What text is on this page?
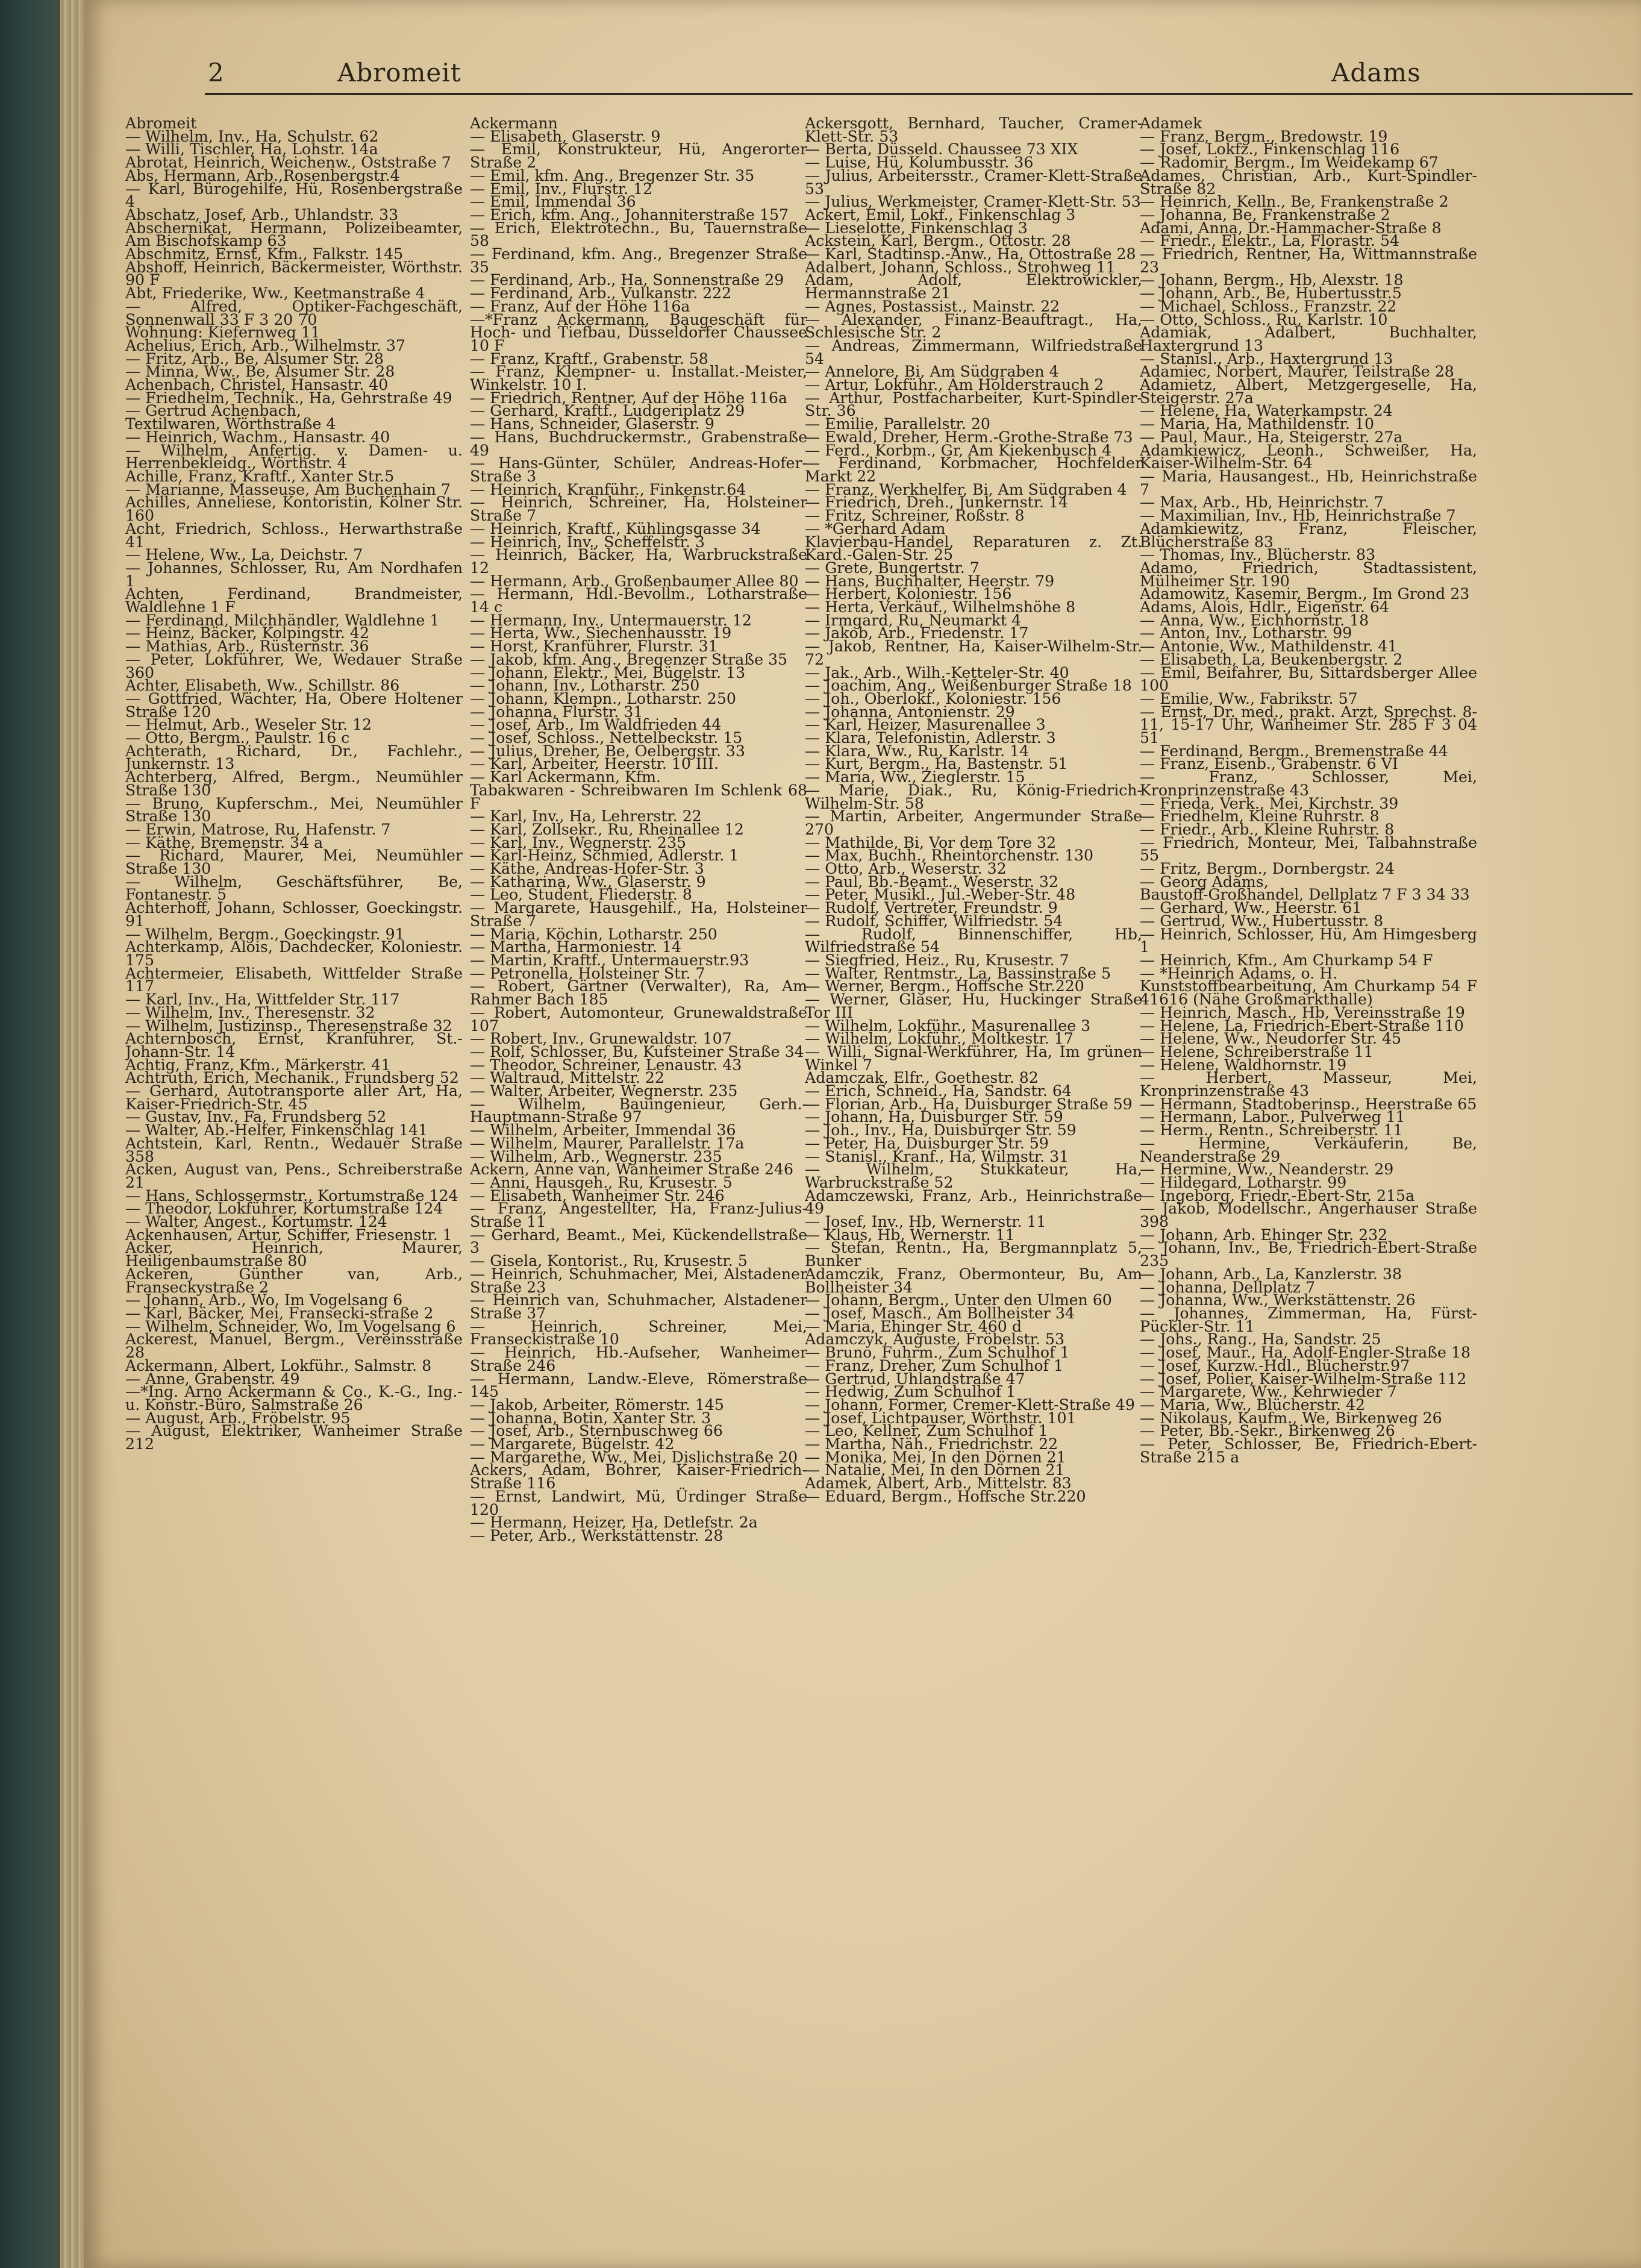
2	Abromeit	Adams

Abromeit

— Wilhelm, Inv., Ha, Schulstr. 62

— Willi, Tischler, Ha, Lohstr. 14a

Abrotat, Heinrich, Weichenw., Oststraße 7

Abs, Hermann, Arb.,Rosenbergstr.4

— Karl, Bürogehilfe, Hü, Rosenbergstraße 4

Abschatz, Josef, Arb., Uhlandstr. 33

Abschernikat, Hermann, Polizeibeamter, Am Bischofskamp 63

Abschmitz, Ernst, Kfm., Falkstr. 145

Abshoff, Heinrich, Bäckermeister, Wörthstr. 90 F

Abt, Friederike, Ww., Keetmanstraße 4

— Alfred, Optiker-Fachgeschäft, Sonnenwall 33 F 3 20 70

Wohnung: Kiefernweg 11

Achelius, Erich, Arb., Wilhelmstr. 37

— Fritz, Arb., Be, Alsumer Str. 28

— Minna, Ww., Be, Alsumer Str. 28

Achenbach, Christel, Hansastr. 40

— Friedhelm, Technik., Ha, Gehrstraße 49

— Gertrud Achenbach,

Textilwaren, Wörthstraße 4

— Heinrich, Wachm., Hansastr. 40

— Wilhelm, Anfertig. v. Damen- u. Herrenbekleidg., Wörthstr. 4

Achille, Franz, Kraftf., Xanter Str.5

— Marianne, Masseuse, Am Buchenhain 7

Achilles, Anneliese, Kontoristin, Kölner Str. 160

Acht, Friedrich, Schloss., Herwarthstraße 41

— Helene, Ww., La, Deichstr. 7

— Johannes, Schlosser, Ru, Am Nordhafen 1

Achten, Ferdinand, Brandmeister, Waldlehne 1 F

— Ferdinand, Milchhändler, Waldlehne 1

— Heinz, Bäcker, Kolpingstr. 42

— Mathias, Arb., Rüsternstr. 36

— Peter, Lokführer, We, Wedauer Straße 360

Achter, Elisabeth, Ww., Schillstr. 86

— Gottfried, Wächter, Ha, Obere Holtener Straße 120

— Helmut, Arb., Weseler Str. 12

— Otto, Bergm., Paulstr. 16 c

Achterath, Richard, Dr., Fachlehr., Junkernstr. 13

Achterberg, Alfred, Bergm., Neumühler Straße 130

— Bruno, Kupferschm., Mei, Neumühler Straße 130

— Erwin, Matrose, Ru, Hafenstr. 7

— Käthe, Bremenstr. 34 a

— Richard, Maurer, Mei, Neumühler Straße 130

— Wilhelm, Geschäftsführer, Be, Fontanestr. 5

Achterhoff, Johann, Schlosser, Goeckingstr. 91

— Wilhelm, Bergm., Goeckingstr. 91

Achterkamp, Alois, Dachdecker, Koloniestr. 175

Achtermeier, Elisabeth, Wittfelder Straße 117

— Karl, Inv., Ha, Wittfelder Str. 117

— Wilhelm, Inv., Theresenstr. 32

— Wilhelm, Justizinsp., Theresenstraße 32

Achternbosch, Ernst, Kranführer, St.-Johann-Str. 14

Achtig, Franz, Kfm., Märkerstr. 41

Achtruth, Erich, Mechanik., Frundsberg 52

— Gerhard, Autotransporte aller Art, Ha, Kaiser-Friedrich-Str. 45

— Gustav, Inv., Fa, Frundsberg 52

— Walter, Ab.-Helfer, Finkenschlag 141

Achtstein, Karl, Rentn., Wedauer Straße 358

Acken, August van, Pens., Schreiberstraße 21

— Hans, Schlossermstr., Kortumstraße 124

— Theodor, Lokführer, Kortumstraße 124

— Walter, Angest., Kortumstr. 124

Ackenhausen, Artur, Schiffer, Friesenstr. 1

Acker, Heinrich, Maurer, Heiligenbaumstraße 80

Ackeren, Günther van, Arb., Franseckystraße 2

— Johann, Arb., Wo, Im Vogelsang 6

— Karl, Bäcker, Mei, Fransecki-straße 2

— Wilhelm, Schneider, Wo, Im Vogelsang 6

Ackerest, Manuel, Bergm., Vereinsstraße 28

Ackermann, Albert, Lokführ., Salmstr. 8

— Anne, Grabenstr. 49

—*Ing. Arno Ackermann & Co., K.-G., Ing.- u. Konstr.-Büro, Salmstraße 26

— August, Arb., Fröbelstr. 95

— August, Elektriker, Wanheimer Straße 212

Ackermann

— Elisabeth, Glaserstr. 9

— Emil, Konstrukteur, Hü, Angerorter Straße 2

— Emil, kfm. Ang., Bregenzer Str. 35

— Emil, Inv., Flurstr. 12

— Emil, Immendal 36

— Erich, kfm. Ang., Johanniterstraße 157

— Erich, Elektrotechn., Bu, Tauernstraße 58

— Ferdinand, kfm. Ang., Bregenzer Straße 35

— Ferdinand, Arb., Ha, Sonnenstraße 29

— Ferdinand, Arb., Vulkanstr. 222

— Franz, Auf der Höhe 116a

—*Franz Ackermann, Baugeschäft für Hoch- und Tiefbau, Düsseldorfer Chaussee 10 F

— Franz, Kraftf., Grabenstr. 58

— Franz, Klempner- u. Installat.-Meister, Winkelstr. 10 I.

— Friedrich, Rentner, Auf der Höhe 116a

— Gerhard, Kraftf., Ludgeriplatz 29

— Hans, Schneider, Glaserstr. 9

— Hans, Buchdruckermstr., Grabenstraße 49

— Hans-Günter, Schüler, Andreas-Hofer-Straße 3

— Heinrich, Kranführ., Finkenstr.64

— Heinrich, Schreiner, Ha, Holsteiner Straße 7

— Heinrich, Kraftf., Kühlingsgasse 34

— Heinrich, Inv., Scheffelstr. 3

— Heinrich, Bäcker, Ha, Warbruckstraße 12

— Hermann, Arb., Großenbaumer Allee 80

— Hermann, Hdl.-Bevollm., Lotharstraße 14 c

— Hermann, Inv., Untermauerstr. 12

— Herta, Ww., Siechenhausstr. 19

— Horst, Kranführer, Flurstr. 31

— Jakob, kfm. Ang., Bregenzer Straße 35

— Johann, Elektr., Mei, Bügelstr. 13

— Johann, Inv., Lotharstr. 250

— Johann, Klempn., Lotharstr. 250

— Johanna, Flurstr. 31

— Josef, Arb., Im Waldfrieden 44

— Josef, Schloss., Nettelbeckstr. 15

— Julius, Dreher, Be, Oelbergstr. 33

— Karl, Arbeiter, Heerstr. 10 III.

— Karl Ackermann, Kfm.

Tabakwaren - Schreibwaren Im Schlenk 68 F

— Karl, Inv., Ha, Lehrerstr. 22

— Karl, Zollsekr., Ru, Rheinallee 12

— Karl, Inv., Wegnerstr. 235

— Karl-Heinz, Schmied, Adlerstr. 1

— Käthe, Andreas-Hofer-Str. 3

— Katharina, Ww., Glaserstr. 9

— Leo, Student, Fliederstr. 8

— Margarete, Hausgehilf., Ha, Holsteiner Straße 7

— Maria, Köchin, Lotharstr. 250

— Martha, Harmoniestr. 14

— Martin, Kraftf., Untermauerstr.93

— Petronella, Holsteiner Str. 7

— Robert, Gärtner (Verwalter), Ra, Am Rahmer Bach 185

— Robert, Automonteur, Grunewaldstraße 107

— Robert, Inv., Grunewaldstr. 107

— Rolf, Schlosser, Bu, Kufsteiner Straße 34

— Theodor, Schreiner, Lenaustr. 43

— Waltraud, Mittelstr. 22

— Walter, Arbeiter, Wegnerstr. 235

— Wilhelm, Bauingenieur, Gerh.-Hauptmann-Straße 97

— Wilhelm, Arbeiter, Immendal 36

— Wilhelm, Maurer, Parallelstr. 17a

— Wilhelm, Arb., Wegnerstr. 235

Ackern, Änne van, Wanheimer Straße 246

— Anni, Hausgeh., Ru, Krusestr. 5

— Elisabeth, Wanheimer Str. 246

— Franz, Angestellter, Ha, Franz-Julius-Straße 11

— Gerhard, Beamt., Mei, Kückendellstraße 3

— Gisela, Kontorist., Ru, Krusestr. 5

— Heinrich, Schuhmacher, Mei, Alstadener Straße 23

— Heinrich van, Schuhmacher, Alstadener Straße 37

— Heinrich, Schreiner, Mei, Franseckistraße 10

— Heinrich, Hb.-Aufseher, Wanheimer Straße 246

— Hermann, Landw.-Eleve, Römerstraße 145

— Jakob, Arbeiter, Römerstr. 145

— Johanna, Botin, Xanter Str. 3

— Josef, Arb., Sternbuschweg 66

— Margarete, Bügelstr. 42

— Margarethe, Ww., Mei, Dislichstraße 20

Ackers, Adam, Bohrer, Kaiser-Friedrich-Straße 116

— Ernst, Landwirt, Mü, Ürdinger Straße 120

— Hermann, Heizer, Ha, Detlefstr. 2a

— Peter, Arb., Werkstättenstr. 28

Ackersgott, Bernhard, Taucher, Cramer-Klett-Str. 53

— Berta, Düsseld. Chaussee 73 XIX

— Luise, Hü, Kolumbusstr. 36

— Julius, Arbeitersstr., Cramer-Klett-Straße 53

— Julius, Werkmeister, Cramer-Klett-Str. 53

Ackert, Emil, Lokf., Finkenschlag 3

— Lieselotte, Finkenschlag 3

Ackstein, Karl, Bergm., Ottostr. 28

— Karl, Stadtinsp.-Anw., Ha, Ottostraße 28

Adalbert, Johann, Schloss., Strohweg 11

Adam, Adolf, Elektrowickler, Hermannstraße 21

— Agnes, Postassist., Mainstr. 22

— Alexander, Finanz-Beauftragt., Ha, Schlesische Str. 2

— Andreas, Zimmermann, Wilfriedstraße 54

— Annelore, Bi, Am Südgraben 4

— Artur, Lokführ., Am Holderstrauch 2

— Arthur, Postfacharbeiter, Kurt-Spindler-Str. 36

— Emilie, Parallelstr. 20

— Ewald, Dreher, Herm.-Grothe-Straße 73

— Ferd., Korbm., Gr, Am Kiekenbusch 4

— Ferdinand, Korbmacher, Hochfelder Markt 22

— Franz, Werkhelfer, Bi, Am Südgraben 4

— Friedrich, Dreh., Junkernstr. 14

— Fritz, Schreiner, Roßstr. 8

— *Gerhard Adam

Klavierbau-Handel, Reparaturen z. Zt. Kard.-Galen-Str. 25

— Grete, Bungertstr. 7

— Hans, Buchhalter, Heerstr. 79

— Herbert, Koloniestr. 156

— Herta, Verkäuf., Wilhelmshöhe 8

— Irmgard, Ru, Neumarkt 4

— Jakob, Arb., Friedenstr. 17

— Jakob, Rentner, Ha, Kaiser-Wilhelm-Str. 72

— Jak., Arb., Wilh.-Ketteler-Str. 40

— Joachim, Ang., Weißenburger Straße 18

— Joh., Oberlokf., Koloniestr. 156

— Johanna, Antonienstr. 29

— Karl, Heizer, Masurenallee 3

— Klara, Telefonistin, Adlerstr. 3

— Klara, Ww., Ru, Karlstr. 14

— Kurt, Bergm., Ha, Bastenstr. 51

— Maria, Ww., Zieglerstr. 15

— Marie, Diak., Ru, König-Friedrich-Wilhelm-Str. 58

— Martin, Arbeiter, Angermunder Straße 270

— Mathilde, Bi, Vor dem Tore 32

— Max, Buchh., Rheintörchenstr. 130

— Otto, Arb., Weserstr. 32

— Paul, Bb.-Beamt., Weserstr. 32

— Peter, Musikl., Jul.-Weber-Str. 48

— Rudolf, Vertreter, Freundstr. 9

— Rudolf, Schiffer, Wilfriedstr. 54

— Rudolf, Binnenschiffer, Hb, Wilfriedstraße 54

— Siegfried, Heiz., Ru, Krusestr. 7

— Walter, Rentmstr., La, Bassinstraße 5

— Werner, Bergm., Hoffsche Str.220

— Werner, Glaser, Hu, Huckinger Straße Tor III

— Wilhelm, Lokführ., Masurenallee 3

— Wilhelm, Lokführ., Moltkestr. 17

— Willi, Signal-Werkführer, Ha, Im grünen Winkel 7

Adamczak, Elfr., Goethestr. 82

— Erich, Schneid., Ha, Sandstr. 64

— Florian, Arb., Ha, Duisburger Straße 59

— Johann, Ha, Duisburger Str. 59

— Joh., Inv., Ha, Duisburger Str. 59

— Peter, Ha, Duisburger Str. 59

— Stanisl., Kranf., Ha, Wilmstr. 31

— Wilhelm, Stukkateur, Ha, Warbruckstraße 52

Adamczewski, Franz, Arb., Heinrichstraße 49

— Josef, Inv., Hb, Wernerstr. 11

— Klaus, Hb, Wernerstr. 11

— Stefan, Rentn., Ha, Bergmannplatz 5, Bunker

Adamczik, Franz, Obermonteur, Bu, Am Bollheister 34

— Johann, Bergm., Unter den Ulmen 60

— Josef, Masch., Am Bollheister 34

— Maria, Ehinger Str. 460 d

Adamczyk, Auguste, Fröbelstr. 53

— Bruno, Fuhrm., Zum Schulhof 1

— Franz, Dreher, Zum Schulhof 1

— Gertrud, Uhlandstraße 47

— Hedwig, Zum Schulhof 1

— Johann, Former, Cremer-Klett-Straße 49

— Josef, Lichtpauser, Wörthstr. 101

— Leo, Kellner, Zum Schulhof 1

— Martha, Näh., Friedrichstr. 22

— Monika, Mei, In den Dörnen 21

— Natalie, Mei, In den Dörnen 21

Adamek, Albert, Arb., Mittelstr. 83

— Eduard, Bergm., Hoffsche Str.220

Adamek

— Franz, Bergm., Bredowstr. 19

— Josef, Lokfz., Finkenschlag 116

— Radomir, Bergm., Im Weidekamp 67

Adames, Christian, Arb., Kurt-Spindler-Straße 82

— Heinrich, Kelln., Be, Frankenstraße 2

— Johanna, Be, Frankenstraße 2

Adami, Anna, Dr.-Hammacher-Straße 8

— Friedr., Elektr., La, Florastr. 54

— Friedrich, Rentner, Ha, Wittmannstraße 23

— Johann, Bergm., Hb, Alexstr. 18

— Johann, Arb., Be, Hubertusstr.5

— Michael, Schloss., Franzstr. 22

— Otto, Schloss., Ru, Karlstr. 10

Adamiak, Adalbert, Buchhalter, Haxtergrund 13

— Stanisl., Arb., Haxtergrund 13

Adamiec, Norbert, Maurer, Teilstraße 28

Adamietz, Albert, Metzgergeselle, Ha, Steigerstr. 27a

— Helene, Ha, Waterkampstr. 24

— Maria, Ha, Mathildenstr. 10

— Paul, Maur., Ha, Steigerstr. 27a

Adamkiewicz, Leonh., Schweißer, Ha, Kaiser-Wilhelm-Str. 64

— Maria, Hausangest., Hb, Heinrichstraße 7

— Max, Arb., Hb, Heinrichstr. 7

— Maximilian, Inv., Hb, Heinrichstraße 7

Adamkiewitz, Franz, Fleischer, Blücherstraße 83

— Thomas, Inv., Blücherstr. 83

Adamo, Friedrich, Stadtassistent, Mülheimer Str. 190

Adamowitz, Kasemir, Bergm., Im Grond 23

Adams, Alois, Hdlr., Eigenstr. 64

— Anna, Ww., Eichhornstr. 18

— Anton, Inv., Lotharstr. 99

— Antonie, Ww., Mathildenstr. 41

— Elisabeth, La, Beukenbergstr. 2

— Emil, Beifahrer, Bu, Sittardsberger Allee 100

— Emilie, Ww., Fabrikstr. 57

— Ernst, Dr. med., prakt. Arzt, Sprechst. 8-11, 15-17 Uhr, Wanheimer Str. 285 F 3 04 51

— Ferdinand, Bergm., Bremenstraße 44

— Franz, Eisenb., Grabenstr. 6 VI

— Franz, Schlosser, Mei, Kronprinzenstraße 43

— Frieda, Verk., Mei, Kirchstr. 39

— Friedhelm, Kleine Ruhrstr. 8

— Friedr., Arb., Kleine Ruhrstr. 8

— Friedrich, Monteur, Mei, Talbahnstraße 55

— Fritz, Bergm., Dornbergstr. 24

— Georg Adams,

Baustoff-Großhandel, Dellplatz 7 F 3 34 33

— Gerhard, Ww., Heerstr. 61

— Gertrud, Ww., Hubertusstr. 8

— Heinrich, Schlosser, Hü, Am Himgesberg 1

— Heinrich, Kfm., Am Churkamp 54 F

— *Heinrich Adams, o. H.

Kunststoffbearbeitung, Am Churkamp 54 F 41616 (Nähe Großmarkthalle)

— Heinrich, Masch., Hb, Vereinsstraße 19

— Helene, La, Friedrich-Ebert-Straße 110

— Helene, Ww., Neudorfer Str. 45

— Helene, Schreiberstraße 11

— Helene, Waldhornstr. 19

— Herbert, Masseur, Mei, Kronprinzenstraße 43

— Hermann, Stadtoberinsp., Heerstraße 65

— Hermann, Labor., Pulverweg 11

— Herm., Rentn., Schreiberstr. 11

— Hermine, Verkäuferin, Be, Neanderstraße 29

— Hermine, Ww., Neanderstr. 29

— Hildegard, Lotharstr. 99

— Ingeborg, Friedr.-Ebert-Str. 215a

— Jakob, Modellschr., Angerhauser Straße 398

— Johann, Arb. Ehinger Str. 232

— Johann, Inv., Be, Friedrich-Ebert-Straße 235

— Johann, Arb., La, Kanzlerstr. 38

— Johanna, Dellplatz 7

— Johanna, Ww., Werkstättenstr. 26

— Johannes, Zimmerman, Ha, Fürst-Pückler-Str. 11

— Johs., Rang., Ha, Sandstr. 25

— Josef, Maur., Ha, Adolf-Engler-Straße 18

— Josef, Kurzw.-Hdl., Blücherstr.97

— Josef, Polier, Kaiser-Wilhelm-Straße 112

— Margarete, Ww., Kehrwieder 7

— Maria, Ww., Blücherstr. 42

— Nikolaus, Kaufm., We, Birkenweg 26

— Peter, Bb.-Sekr., Birkenweg 26

— Peter, Schlosser, Be, Friedrich-Ebert-Straße 215 a
